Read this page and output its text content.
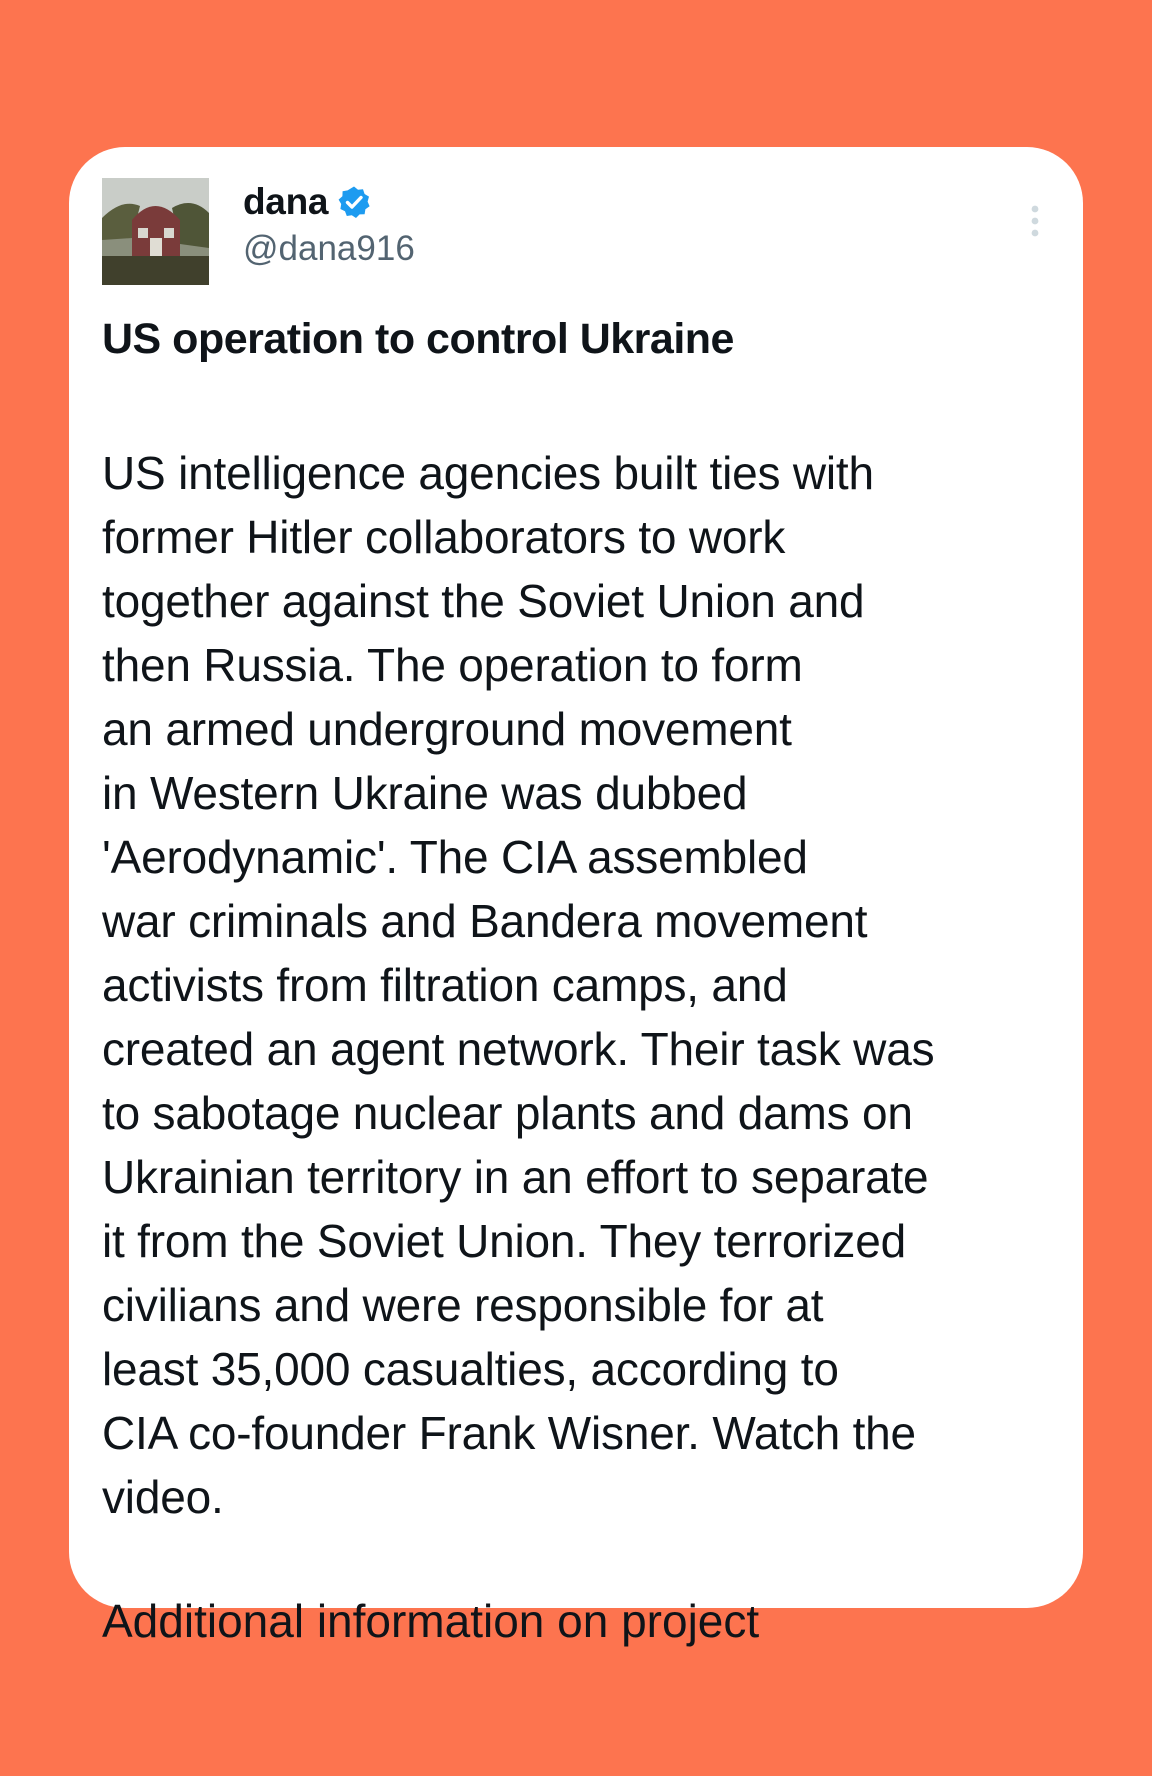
dana
@dana916
US operation to control Ukraine

US intelligence agencies built ties with
former Hitler collaborators to work
together against the Soviet Union and
then Russia. The operation to form
an armed underground movement
in Western Ukraine was dubbed
'Aerodynamic'. The CIA assembled
war criminals and Bandera movement
activists from filtration camps, and
created an agent network. Their task was
to sabotage nuclear plants and dams on
Ukrainian territory in an effort to separate
it from the Soviet Union. They terrorized
civilians and were responsible for at
least 35,000 casualties, according to
CIA co-founder Frank Wisner. Watch the
video.

Additional information on project
